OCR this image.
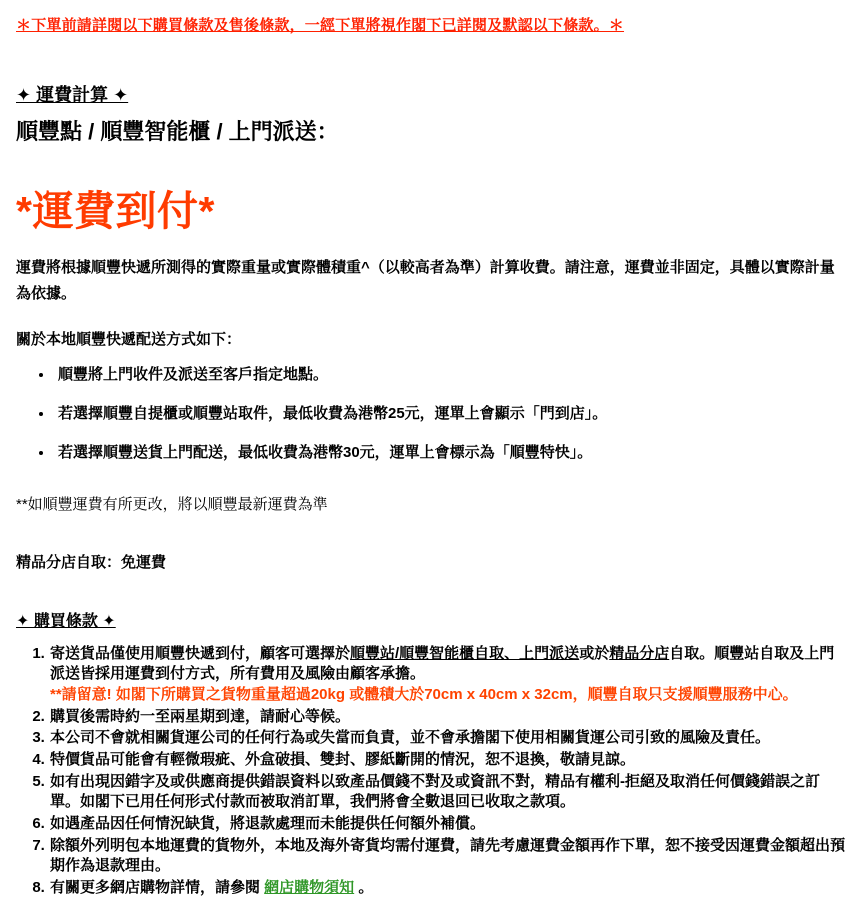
＊下單前請詳閱以下購買條款及售後條款，一經下單將視作閣下已詳閱及默認以下條款。＊
✦ 運費計算 ✦
順豐點 / 順豐智能櫃 / 上門派送：
*運費到付*
運費將根據順豐快遞所測得的實際重量或實際體積重^（以較高者為準）計算收費。請注意，運費並非固定，具體以實際計量為依據。
關於本地順豐快遞配送方式如下：
• 順豐將上門收件及派送至客戶指定地點。
• 若選擇順豐自提櫃或順豐站取件，最低收費為港幣25元，運單上會顯示「門到店」。
• 若選擇順豐送貨上門配送，最低收費為港幣30元，運單上會標示為「順豐特快」。
**如順豐運費有所更改，將以順豐最新運費為準
精品分店自取：免運費
✦ 購買條款 ✦
1. 寄送貨品僅使用順豐快遞到付，顧客可選擇於順豐站/順豐智能櫃自取、上門派送或於精品分店自取。順豐站自取及上門派送皆採用運費到付方式，所有費用及風險由顧客承擔。
**請留意! 如閣下所購買之貨物重量超過20kg 或體積大於70cm x 40cm x 32cm，順豐自取只支援順豐服務中心。
2. 購買後需時約一至兩星期到達，請耐心等候。
3. 本公司不會就相關貨運公司的任何行為或失當而負責，並不會承擔閣下使用相關貨運公司引致的風險及責任。
4. 特價貨品可能會有輕微瑕疵、外盒破損、雙封、膠紙斷開的情況，恕不退換，敬請見諒。
5. 如有出現因錯字及或供應商提供錯誤資料以致產品價錢不對及或資訊不對，精品有權利-拒絕及取消任何價錢錯誤之訂單。如閣下已用任何形式付款而被取消訂單，我們將會全數退回已收取之款項。
6. 如遇產品因任何情況缺貨，將退款處理而未能提供任何額外補償。
7. 除額外列明包本地運費的貨物外，本地及海外寄貨均需付運費，請先考慮運費金額再作下單，恕不接受因運費金額超出預期作為退款理由。
8. 有關更多網店購物詳情，請參閱 網店購物須知 。
